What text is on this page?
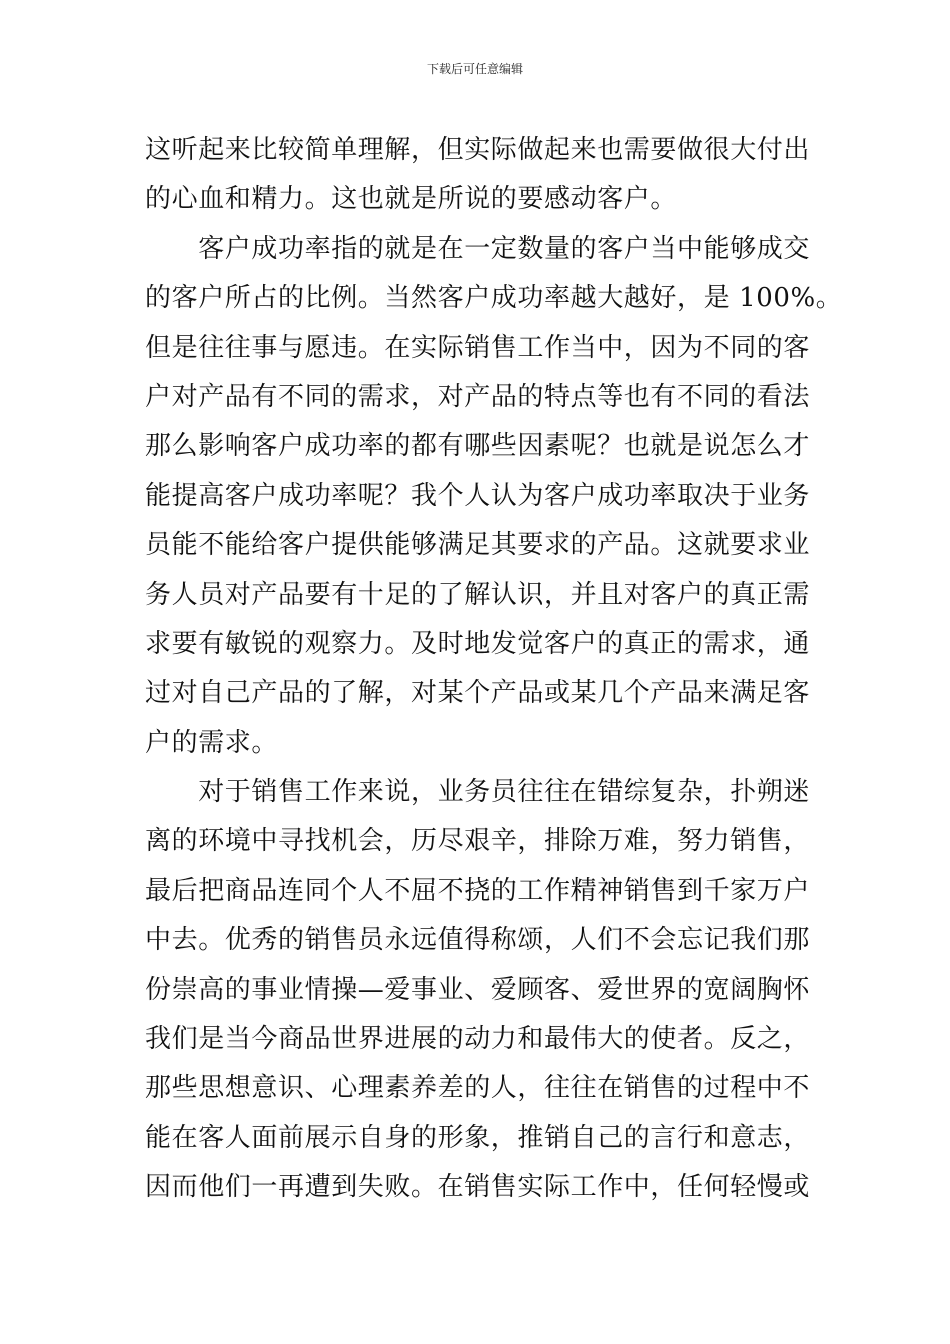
下载后可任意编辑
这听起来比较简单理解，但实际做起来也需要做很大付出
的心血和精力。这也就是所说的要感动客户。
　　客户成功率指的就是在一定数量的客户当中能够成交
的客户所占的比例。当然客户成功率越大越好，是 100%。
但是往往事与愿违。在实际销售工作当中，因为不同的客
户对产品有不同的需求，对产品的特点等也有不同的看法
那么影响客户成功率的都有哪些因素呢？也就是说怎么才
能提高客户成功率呢？我个人认为客户成功率取决于业务
员能不能给客户提供能够满足其要求的产品。这就要求业
务人员对产品要有十足的了解认识，并且对客户的真正需
求要有敏锐的观察力。及时地发觉客户的真正的需求，通
过对自己产品的了解，对某个产品或某几个产品来满足客
户的需求。
　　对于销售工作来说，业务员往往在错综复杂，扑朔迷
离的环境中寻找机会，历尽艰辛，排除万难，努力销售，
最后把商品连同个人不屈不挠的工作精神销售到千家万户
中去。优秀的销售员永远值得称颂，人们不会忘记我们那
份崇高的事业情操—爱事业、爱顾客、爱世界的宽阔胸怀
我们是当今商品世界进展的动力和最伟大的使者。反之，
那些思想意识、心理素养差的人，往往在销售的过程中不
能在客人面前展示自身的形象，推销自己的言行和意志，
因而他们一再遭到失败。在销售实际工作中，任何轻慢或
